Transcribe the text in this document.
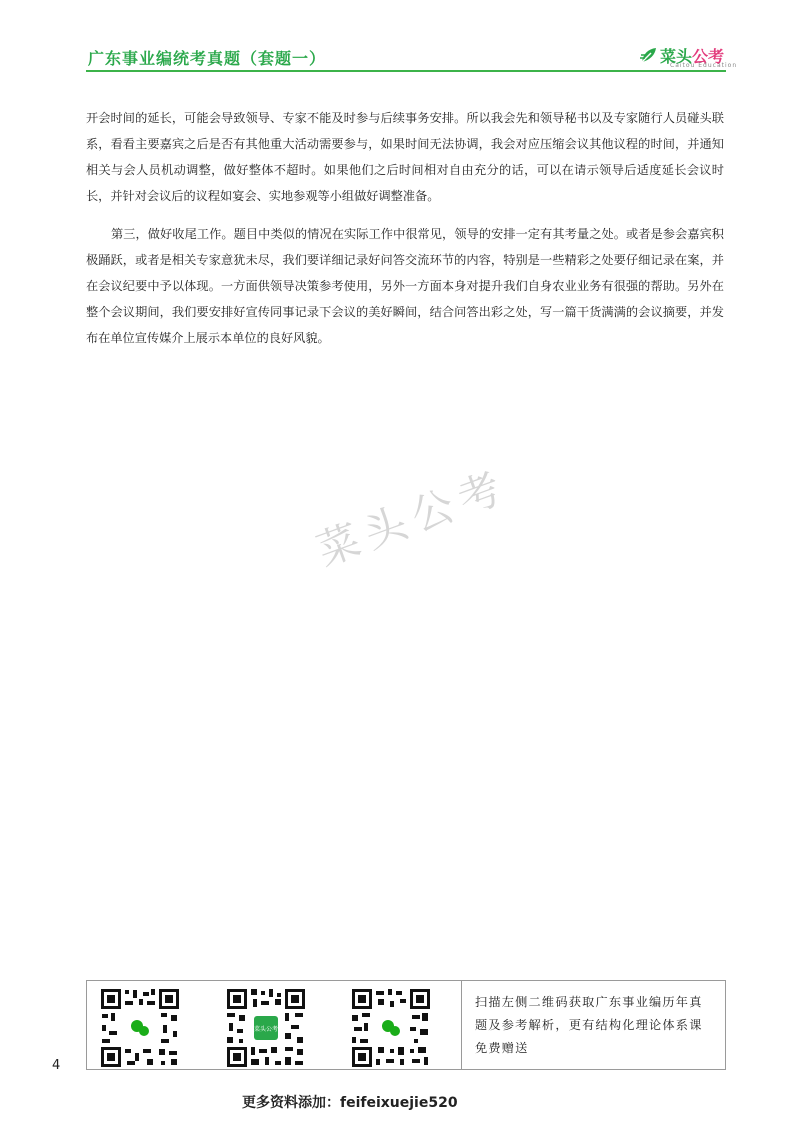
广东事业编统考真题（套题一）	菜头公考
Caitou Education

开会时间的延长，可能会导致领导、专家不能及时参与后续事务安排。所以我会先和领导秘书以及专家随行人员碰头联系，看看主要嘉宾之后是否有其他重大活动需要参与，如果时间无法协调，我会对应压缩会议其他议程的时间，并通知相关与会人员机动调整，做好整体不超时。如果他们之后时间相对自由充分的话，可以在请示领导后适度延长会议时长，并针对会议后的议程如宴会、实地参观等小组做好调整准备。

第三，做好收尾工作。题目中类似的情况在实际工作中很常见，领导的安排一定有其考量之处。或者是参会嘉宾积极踊跃，或者是相关专家意犹未尽，我们要详细记录好问答交流环节的内容，特别是一些精彩之处要仔细记录在案，并在会议纪要中予以体现。一方面供领导决策参考使用，另外一方面本身对提升我们自身农业业务有很强的帮助。另外在整个会议期间，我们要安排好宣传同事记录下会议的美好瞬间，结合问答出彩之处，写一篇干货满满的会议摘要，并发布在单位宣传媒介上展示本单位的良好风貌。

菜头公考
菜头公考
扫描左侧二维码获取广东事业编历年真题及参考解析，更有结构化理论体系课免费赠送
4
更多资料添加：feifeixuejie520
